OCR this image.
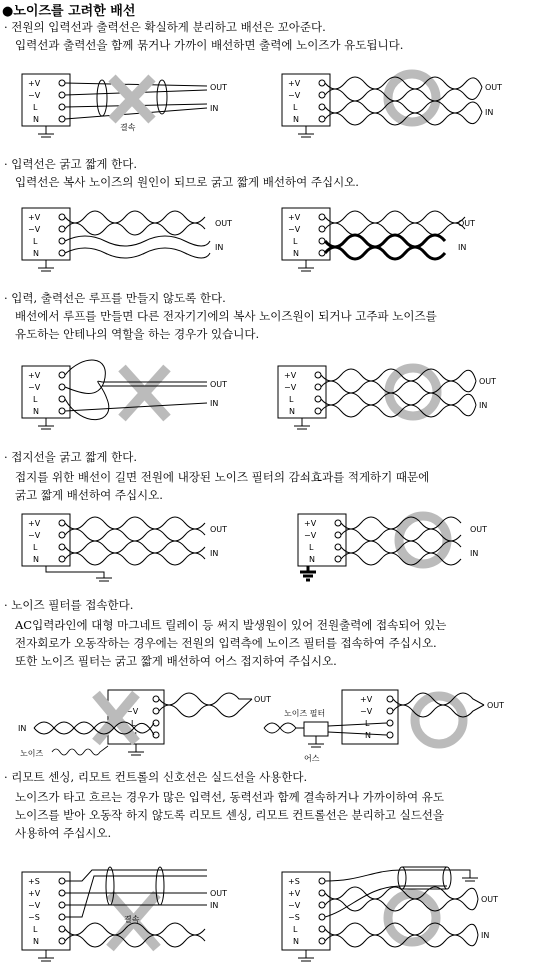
●노이즈를 고려한 배선
· 전원의 입력선과 출력선은 확실하게 분리하고 배선은 꼬아준다.
입력선과 출력선을 함께 묶거나 가까이 배선하면 출력에 노이즈가 유도됩니다.
+V
−V
L
N
OUT
IN
결속
+V
−V
L
N
OUT
IN
· 입력선은 굵고 짧게 한다.
입력선은 복사 노이즈의 원인이 되므로 굵고 짧게 배선하여 주십시오.
+V
−V
L
N
OUT
IN
+V
−V
L
N
OUT
IN
· 입력, 출력선은 루프를 만들지 않도록 한다.
배선에서 루프를 만들면 다른 전자기기에의 복사 노이즈원이 되거나 고주파 노이즈를
유도하는 안테나의 역할을 하는 경우가 있습니다.
+V
−V
L
N
OUT
IN
+V
−V
L
N
OUT
IN
· 접지선을 굵고 짧게 한다.
접지를 위한 배선이 길면 전원에 내장된 노이즈 필터의 감쇠효과를 적게하기 때문에
굵고 짧게 배선하여 주십시오.
+V
−V
L
N
OUT
IN
+V
−V
L
N
OUT
IN
· 노이즈 필터를 접속한다.
AC입력라인에 대형 마그네트 릴레이 등 써지 발생원이 있어 전원출력에 접속되어 있는
전자회로가 오동작하는 경우에는 전원의 입력측에 노이즈 필터를 접속하여 주십시오.
또한 노이즈 필터는 굵고 짧게 배선하여 어스 접지하여 주십시오.
+V
−V
L
N
OUT
IN
노이즈
+V
−V
L
N
노이즈 필터
어스
OUT
· 리모트 센싱, 리모트 컨트롤의 신호선은 실드선을 사용한다.
노이즈가 타고 흐르는 경우가 많은 입력선, 동력선과 함께 결속하거나 가까이하여 유도
노이즈를 받아 오동작 하지 않도록 리모트 센싱, 리모트 컨트롤선은 분리하고 실드선을
사용하여 주십시오.
+S
+V
−V
−S
L
N
OUT
IN
결속
+S
+V
−V
−S
L
N
OUT
IN
